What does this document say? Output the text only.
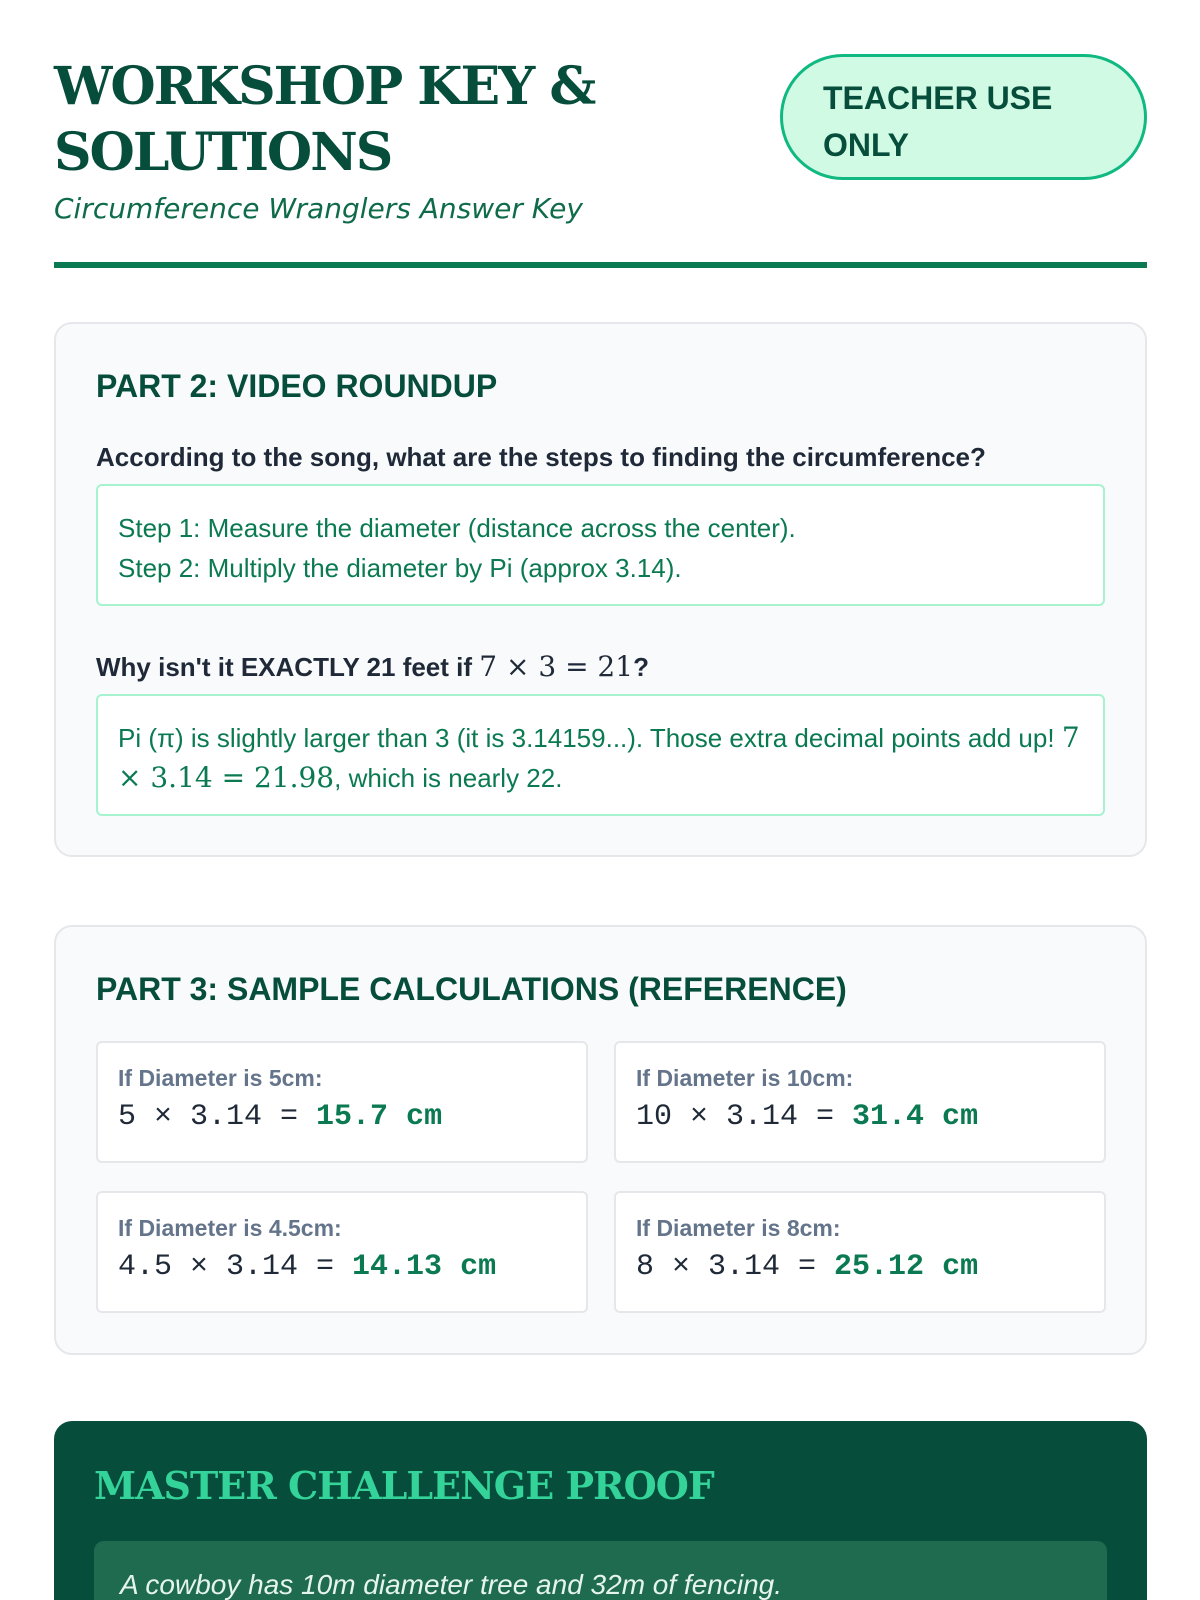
WORKSHOP KEY & SOLUTIONS
Circumference Wranglers Answer Key
TEACHER USE ONLY
PART 2: VIDEO ROUNDUP
According to the song, what are the steps to finding the circumference?
Step 1: Measure the diameter (distance across the center).
Step 2: Multiply the diameter by Pi (approx 3.14).
Why isn't it EXACTLY 21 feet if 7 × 3 = 21?
Pi (π) is slightly larger than 3 (it is 3.14159...). Those extra decimal points add up! 7 × 3.14 = 21.98, which is nearly 22.
PART 3: SAMPLE CALCULATIONS (REFERENCE)
If Diameter is 5cm:
5 × 3.14 = 15.7 cm
If Diameter is 10cm:
10 × 3.14 = 31.4 cm
If Diameter is 4.5cm:
4.5 × 3.14 = 14.13 cm
If Diameter is 8cm:
8 × 3.14 = 25.12 cm
MASTER CHALLENGE PROOF
A cowboy has 10m diameter tree and 32m of fencing.
